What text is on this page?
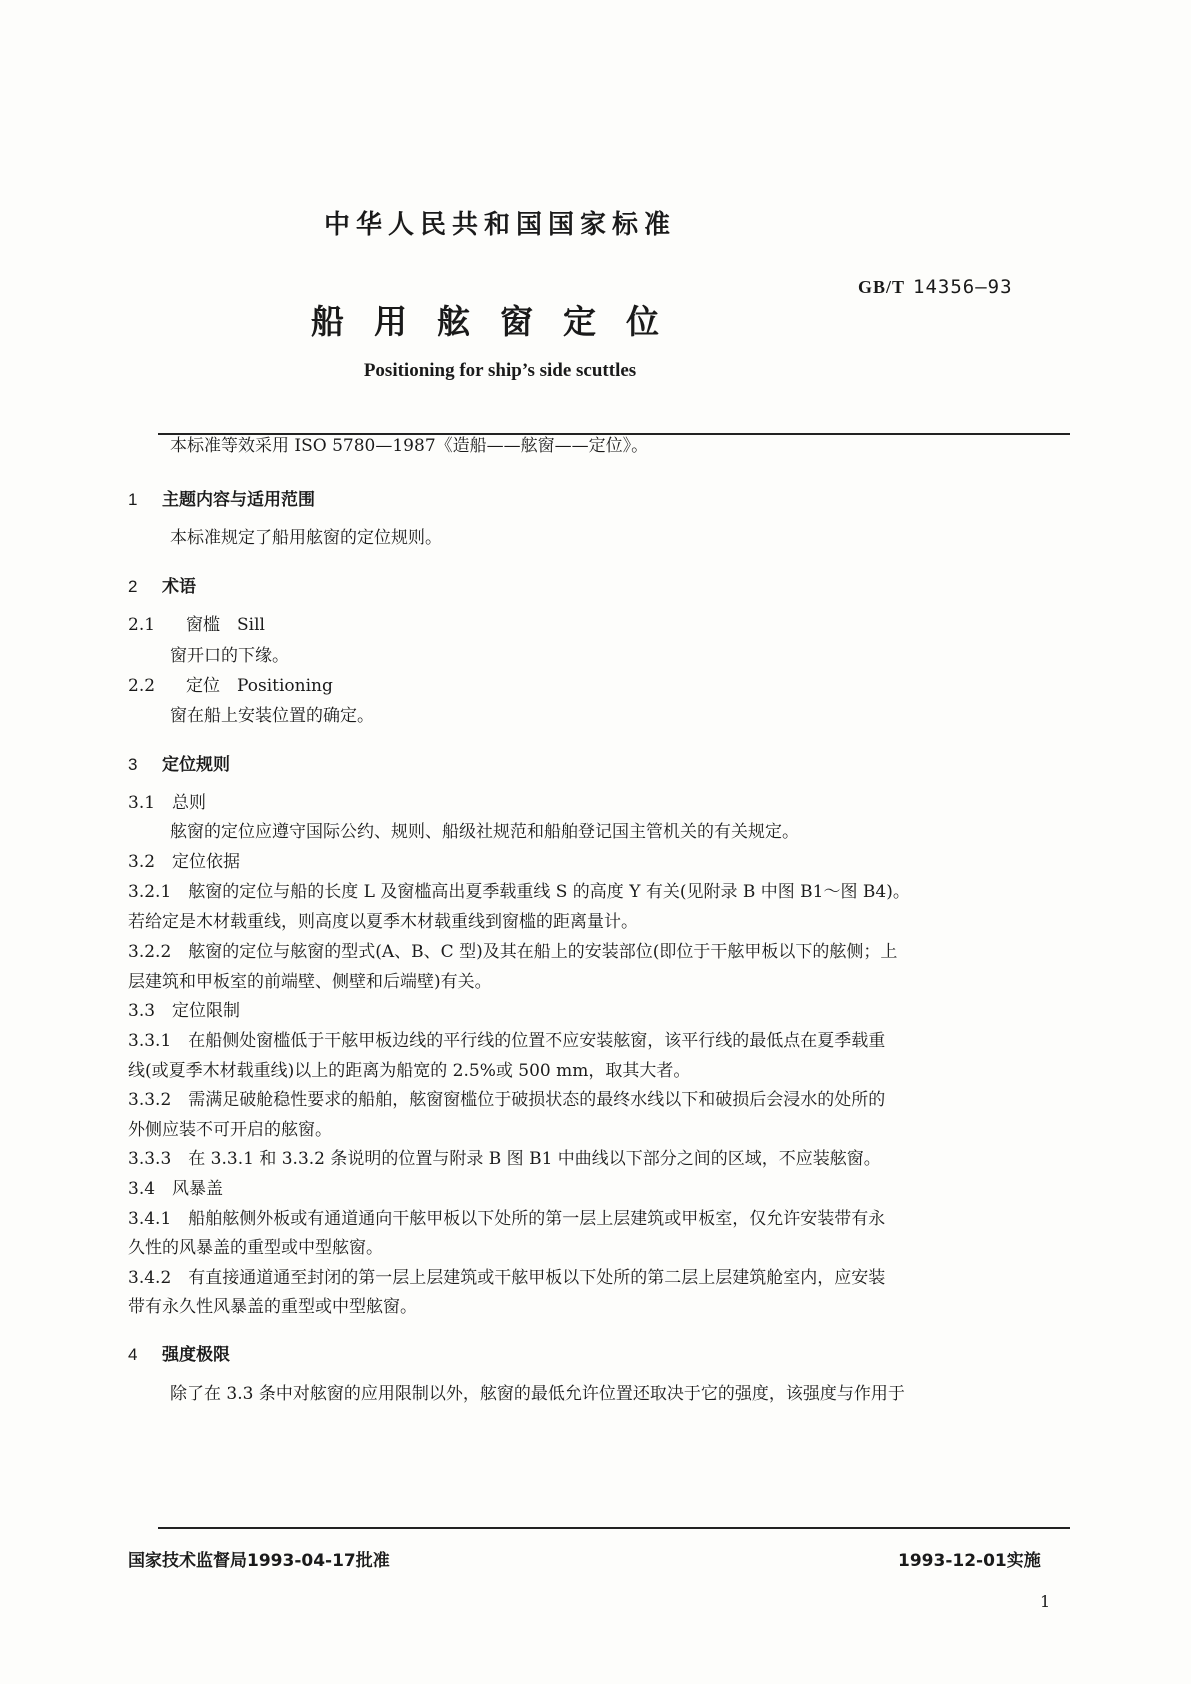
中华人民共和国国家标准
GB/T 14356—93
船用舷窗定位
Positioning for ship’s side scuttles
本标准等效采用 ISO 5780—1987《造船——舷窗——定位》。
1 主题内容与适用范围
本标准规定了船用舷窗的定位规则。
2 术语
2.1 窗槛　Sill
窗开口的下缘。
2.2 定位　Positioning
窗在船上安装位置的确定。
3 定位规则
3.1　总则
舷窗的定位应遵守国际公约、规则、船级社规范和船舶登记国主管机关的有关规定。
3.2　定位依据
3.2.1　舷窗的定位与船的长度 L 及窗槛高出夏季载重线 S 的高度 Y 有关(见附录 B 中图 B1～图 B4)。
若给定是木材载重线，则高度以夏季木材载重线到窗槛的距离量计。
3.2.2　舷窗的定位与舷窗的型式(A、B、C 型)及其在船上的安装部位(即位于干舷甲板以下的舷侧；上
层建筑和甲板室的前端壁、侧壁和后端壁)有关。
3.3　定位限制
3.3.1　在船侧处窗槛低于干舷甲板边线的平行线的位置不应安装舷窗，该平行线的最低点在夏季载重
线(或夏季木材载重线)以上的距离为船宽的 2.5%或 500 mm，取其大者。
3.3.2　需满足破舱稳性要求的船舶，舷窗窗槛位于破损状态的最终水线以下和破损后会浸水的处所的
外侧应装不可开启的舷窗。
3.3.3　在 3.3.1 和 3.3.2 条说明的位置与附录 B 图 B1 中曲线以下部分之间的区域，不应装舷窗。
3.4　风暴盖
3.4.1　船舶舷侧外板或有通道通向干舷甲板以下处所的第一层上层建筑或甲板室，仅允许安装带有永
久性的风暴盖的重型或中型舷窗。
3.4.2　有直接通道通至封闭的第一层上层建筑或干舷甲板以下处所的第二层上层建筑舱室内，应安装
带有永久性风暴盖的重型或中型舷窗。
4 强度极限
除了在 3.3 条中对舷窗的应用限制以外，舷窗的最低允许位置还取决于它的强度，该强度与作用于
国家技术监督局1993-04-17批准	1993-12-01实施
1
